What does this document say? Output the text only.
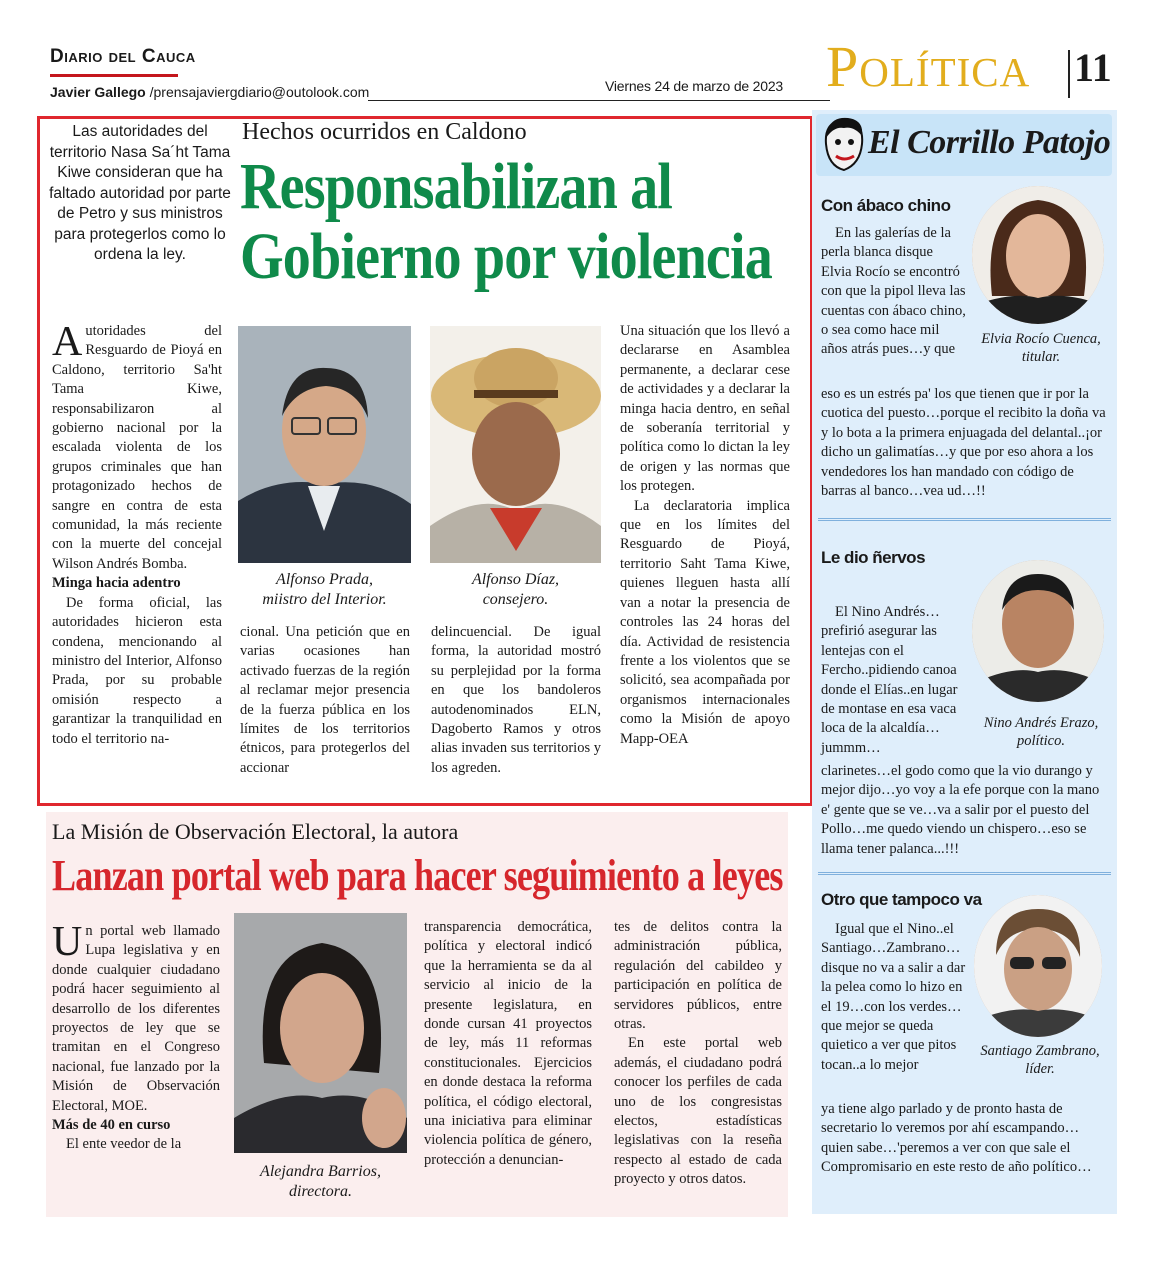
Diario del Cauca
Javier Gallego /prensajaviergdiario@outolook.com	Viernes 24 de marzo de 2023 Política 11
Las autoridades del territorio Nasa Sa´ht Tama Kiwe consideran que ha faltado autoridad por parte de Petro y sus ministros para protegerlos como lo ordena la ley.
Hechos ocurridos en Caldono
Responsabilizan al
Gobierno por violencia

Autoridades del Resguardo de Pioyá en Caldono, territorio Sa'ht Tama Kiwe, responsabilizaron al gobierno nacional por la escalada violenta de los grupos criminales que han protagonizado hechos de sangre en contra de esta comunidad, la más reciente con la muerte del concejal Wilson Andrés Bomba.

Minga hacia adentro

De forma oficial, las autoridades hicieron esta condena, mencionando al ministro del Interior, Alfonso Prada, por su probable omisión respecto a garantizar la tranquilidad en todo el territorio na-

Alfonso Prada,
miistro del Interior.
Alfonso Díaz,
consejero.
cional. Una petición que en varias ocasiones han activado fuerzas de la región al reclamar mejor presencia de la fuerza pública en los límites de los territorios étnicos, para protegerlos del accionar
delincuencial. De igual forma, la autoridad mostró su perplejidad por la forma en que los bandoleros autodenominados ELN, Dagoberto Ramos y otros alias invaden sus territorios y los agreden.

Una situación que los llevó a declararse en Asamblea permanente, a declarar cese de actividades y a declarar la minga hacia dentro, en señal de soberanía territorial y política como lo dictan la ley de origen y las normas que los protegen.

La declaratoria implica que en los límites del Resguardo de Pioyá, territorio Saht Tama Kiwe, quienes lleguen hasta allí van a notar la presencia de controles las 24 horas del día. Actividad de resistencia frente a los violentos que se solicitó, sea acompañada por organismos internacionales como la Misión de apoyo Mapp-OEA

La Misión de Observación Electoral, la autora
Lanzan portal web para hacer seguimiento a leyes

Un portal web llamado Lupa legislativa y en donde cualquier ciudadano podrá hacer seguimiento al desarrollo de los diferentes proyectos de ley que se tramitan en el Congreso nacional, fue lanzado por la Misión de Observación Electoral, MOE.

Más de 40 en curso

El ente veedor de la

Alejandra Barrios,
directora.
transparencia democrática, política y electoral indicó que la herramienta se da al servicio al inicio de la presente legislatura, en donde cursan 41 proyectos de ley, más 11 reformas constitucionales. Ejercicios en donde destaca la reforma política, el código electoral, una iniciativa para eliminar violencia política de género, protección a denuncian-

tes de delitos contra la administración pública, regulación del cabildeo y participación en política de servidores públicos, entre otras.

En este portal web además, el ciudadano podrá conocer los perfiles de cada uno de los congresistas electos, estadísticas legislativas con la reseña respecto al estado de cada proyecto y otros datos.

El Corrillo Patojo
Con ábaco chino
En las galerías de la perla blanca disque Elvia Rocío se encontró con que la pipol lleva las cuentas con ábaco chino, o sea como hace mil años atrás pues…y que
Elvia Rocío Cuenca,
titular.
eso es un estrés pa' los que tienen que ir por la cuotica del puesto…porque el recibito la doña va y lo bota a la primera enjuagada del delantal..¡or dicho un galimatías…y que por eso ahora a los vendedores los han mandado con código de barras al banco…vea ud…!!
Le dio ñervos
El Nino Andrés…prefirió asegurar las lentejas con el Fercho..pidiendo canoa donde el Elías..en lugar de montase en esa vaca loca de la alcaldía…jummm…
Nino Andrés Erazo,
político.
clarinetes…el godo como que la vio durango y mejor dijo…yo voy a la efe porque con la mano e' gente que se ve…va a salir por el puesto del Pollo…me quedo viendo un chispero…eso se llama tener palanca...!!!
Otro que tampoco va
Igual que el Nino..el Santiago…Zambrano…disque no va a salir a dar la pelea como lo hizo en el 19…con los verdes…que mejor se queda quietico a ver que pitos tocan..a lo mejor
Santiago Zambrano,
líder.
ya tiene algo parlado y de pronto hasta de secretario lo veremos por ahí escampando…quien sabe…'peremos a ver con que sale el Compromisario en este resto de año político…
